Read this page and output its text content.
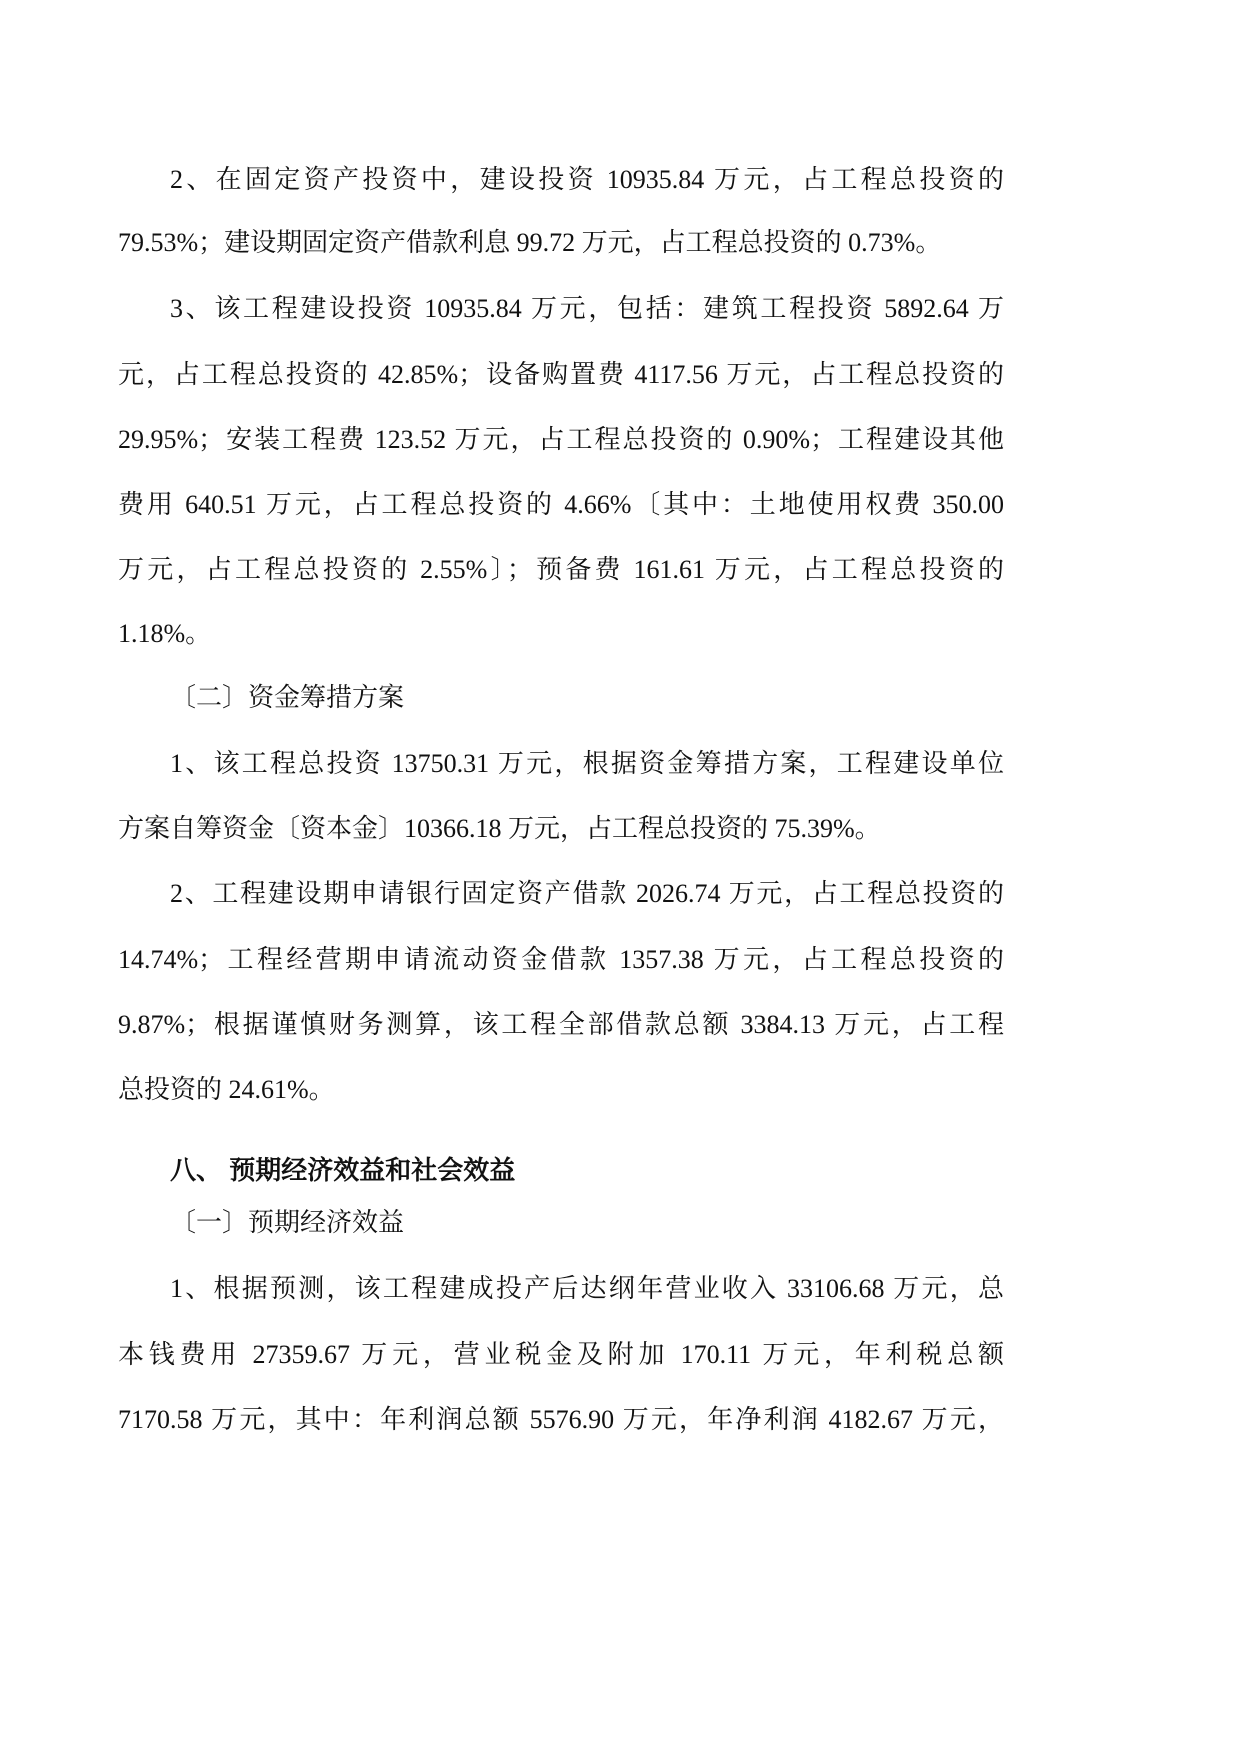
2、在固定资产投资中，建设投资 10935.84 万元，占工程总投资的
79.53%；建设期固定资产借款利息 99.72 万元，占工程总投资的 0.73%。
3、该工程建设投资 10935.84 万元，包括：建筑工程投资 5892.64 万
元，占工程总投资的 42.85%；设备购置费 4117.56 万元，占工程总投资的
29.95%；安装工程费 123.52 万元，占工程总投资的 0.90%；工程建设其他
费用 640.51 万元，占工程总投资的 4.66%〔其中：土地使用权费 350.00
万元，占工程总投资的 2.55%〕；预备费 161.61 万元，占工程总投资的
1.18%。
〔二〕资金筹措方案
1、该工程总投资 13750.31 万元，根据资金筹措方案，工程建设单位
方案自筹资金〔资本金〕10366.18 万元，占工程总投资的 75.39%。
2、工程建设期申请银行固定资产借款 2026.74 万元，占工程总投资的
14.74%；工程经营期申请流动资金借款 1357.38 万元，占工程总投资的
9.87%；根据谨慎财务测算，该工程全部借款总额 3384.13 万元，占工程
总投资的 24.61%。
八、 预期经济效益和社会效益
〔一〕预期经济效益
1、根据预测，该工程建成投产后达纲年营业收入 33106.68 万元，总
本钱费用 27359.67 万元，营业税金及附加 170.11 万元，年利税总额
7170.58 万元，其中：年利润总额 5576.90 万元，年净利润 4182.67 万元，
